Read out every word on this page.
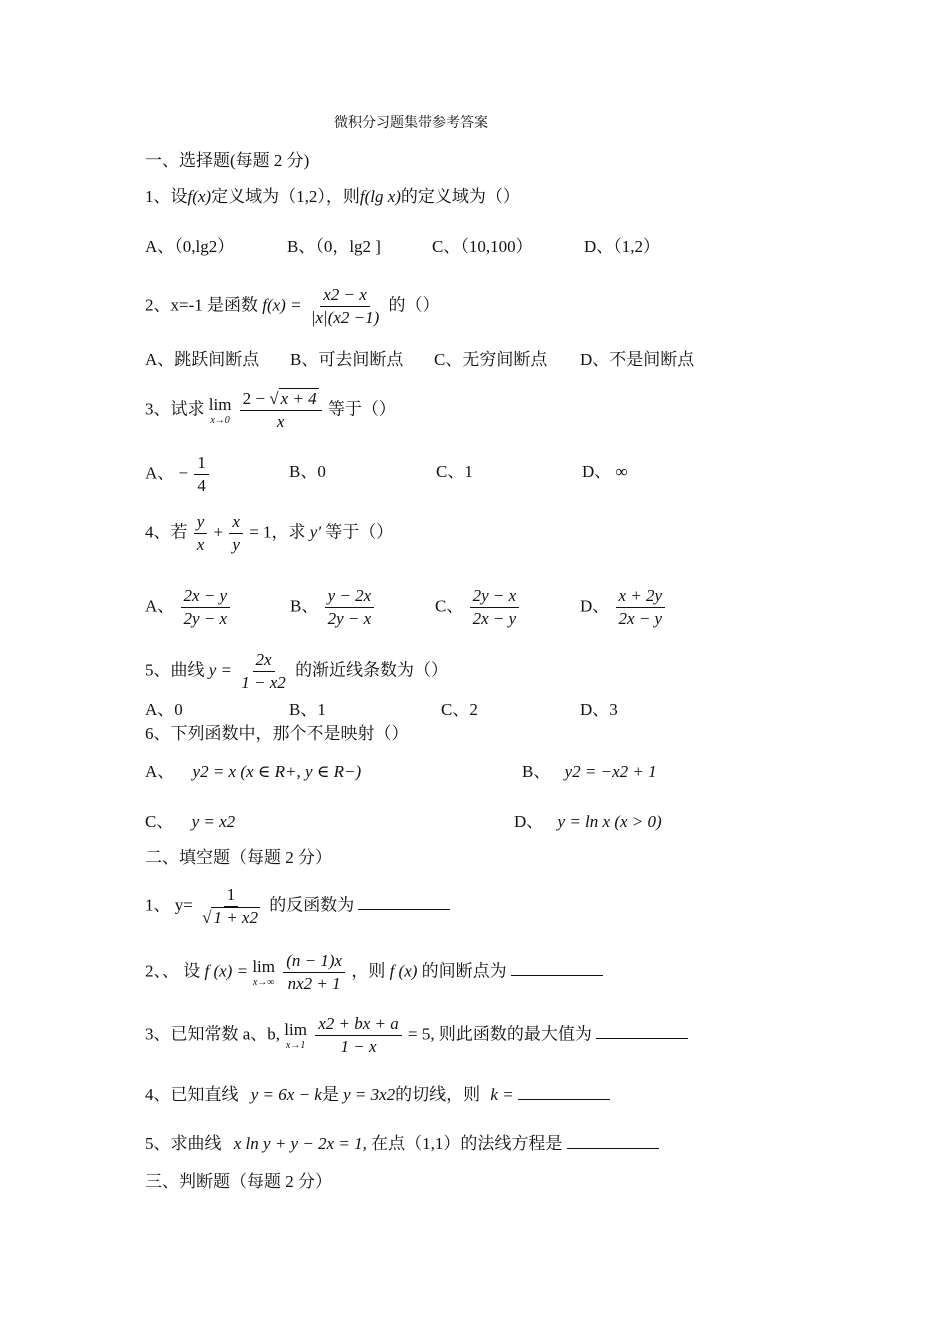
微积分习题集带参考答案
一、选择题(每题 2 分)
1、设f(x)定义域为（1,2），则f(lg x)的定义域为（）
A、（0,lg2）	B、（0，lg2 ]	C、（10,100）	D、（1,2）
2、x=-1 是函数 $f(x) = \frac{x2 - x}{|x|(x2 -1)}$ 的（）
A、跳跃间断点 B、可去间断点 C、无穷间断点 D、不是间断点
3、试求 lim
x→0
$\frac{2 - √ x + 4}{x}$ 等于（）
A、 − $\frac{1}{4}$	B、0	C、1	D、 ∞
4、若 $\frac{y}{x} + \frac{x}{y} = 1$，求 y′ 等于（）
A、 $\frac{2x - y}{2y - x}$	B、 $\frac{y - 2x}{2y - x}$	C、 $\frac{2y - x}{2x - y}$	D、 $\frac{x + 2y}{2x - y}$
5、曲线 $y = \frac{2x}{1 - x2}$ 的渐近线条数为（）
A、0	B、1	C、2	D、3
6、下列函数中，那个不是映射（）
A、 y2 = x (x ∈ R+, y ∈ R−)	B、 y2 = −x2 + 1
C、 y = x2	D、 y = ln x (x > 0)
二、填空题（每题 2 分）
1、 $y= \frac{1}{√ 1 + x2}$ 的反函数为
2、、 设 f (x) = lim
x→∞
$\frac{(n - 1)x}{nx2 + 1}$ ，则 f (x) 的间断点为
3、已知常数 a、b, lim
x→1
$\frac{x2 + bx + a}{1 - x} = 5$, 则此函数的最大值为
4、已知直线 y = 6x − k是 y = 3x2的切线，则 k =
5、求曲线 x ln y + y − 2x = 1, 在点（1,1）的法线方程是
三、判断题（每题 2 分）
